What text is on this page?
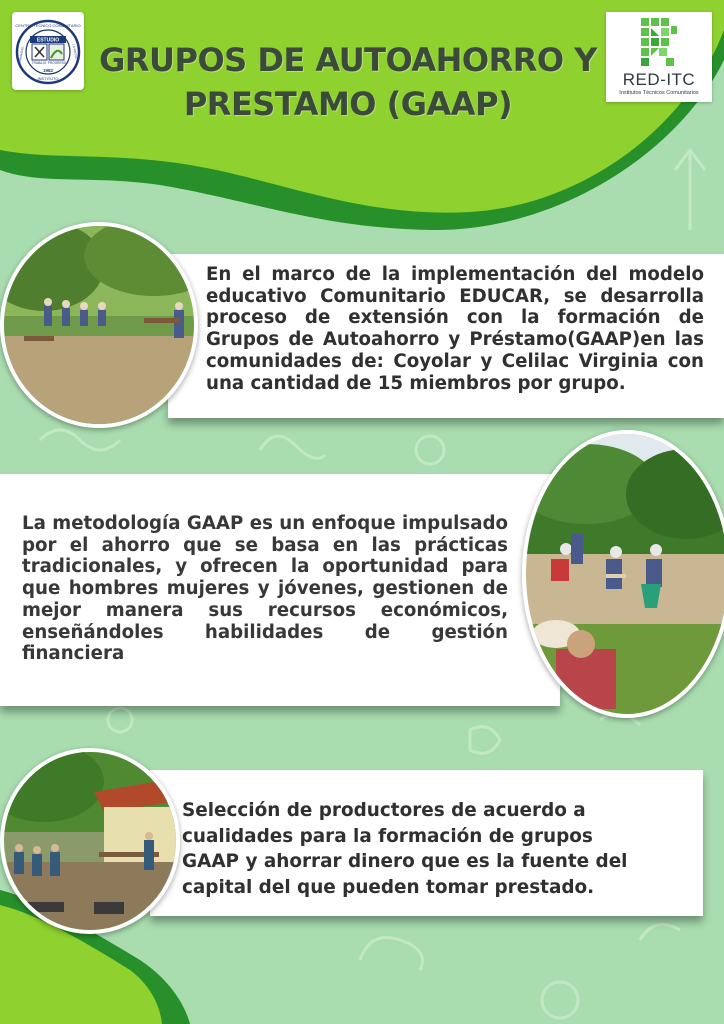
CENTRO TÉCNICO COMUNITARIO
ESTUDIO
TRABAJO PROGRESO
1982
INSTITUTO
COMUNIDAD	LA VIRTUD
RED-ITC
Institutos Técnicos Comunitarios
GRUPOS DE AUTOAHORRO Y PRESTAMO (GAAP)

En el marco de la implementación del modelo educativo Comunitario EDUCAR, se desarrolla proceso de extensión con la formación de Grupos de Autoahorro y Préstamo(GAAP)en las comunidades de: Coyolar y Celilac Virginia con una cantidad de 15 miembros por grupo.

La metodología GAAP es un enfoque impulsado por el ahorro que se basa en las prácticas tradicionales, y ofrecen la oportunidad para que hombres mujeres y jóvenes, gestionen de mejor manera sus recursos económicos, enseñándoles habilidades de gestión financiera

Selección de productores de acuerdo a cualidades para la formación de grupos GAAP y ahorrar dinero que es la fuente del capital del que pueden tomar prestado.
